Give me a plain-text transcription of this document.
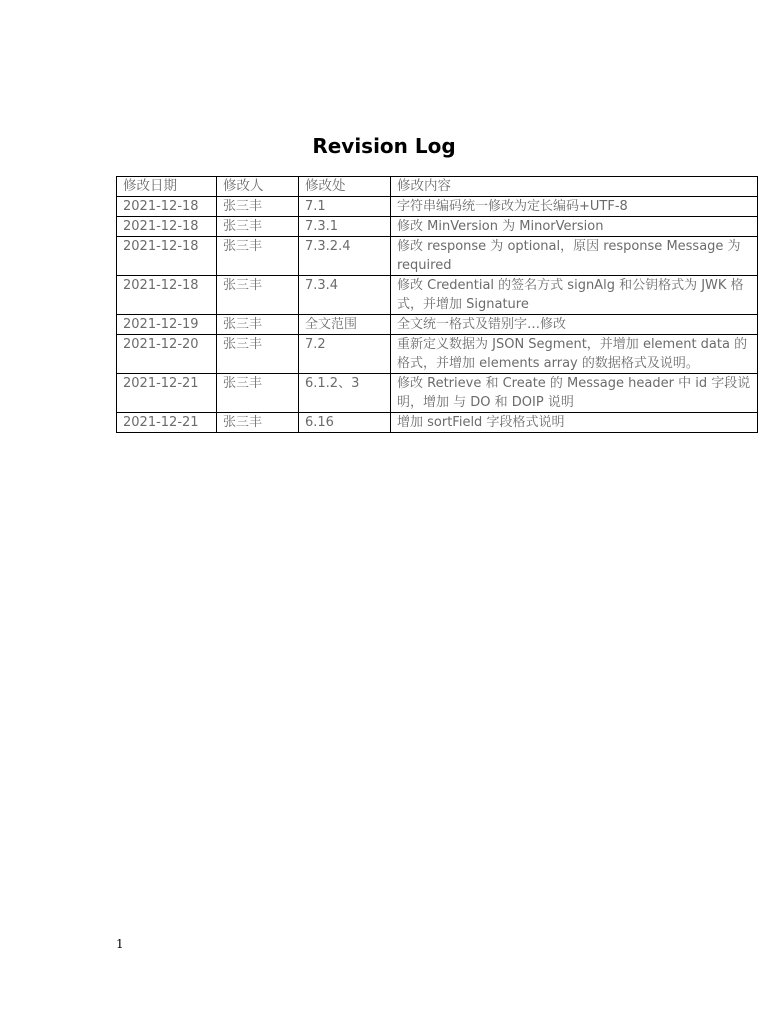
Revision Log
修改日期	修改人	修改处	修改内容
2021-12-18	张三丰	7.1	字符串编码统一修改为定长编码+UTF-8
2021-12-18	张三丰	7.3.1	修改 MinVersion 为 MinorVersion
2021-12-18	张三丰	7.3.2.4	修改 response 为 optional，原因 response Message 为 required
2021-12-18	张三丰	7.3.4	修改 Credential 的签名方式 signAlg 和公钥格式为 JWK 格式，并增加 Signature
2021-12-19	张三丰	全文范围	全文统一格式及错别字…修改
2021-12-20	张三丰	7.2	重新定义数据为 JSON Segment，并增加 element data 的格式，并增加 elements array 的数据格式及说明。
2021-12-21	张三丰	6.1.2、3	修改 Retrieve 和 Create 的 Message header 中 id 字段说明，增加 与 DO 和 DOIP 说明
2021-12-21	张三丰	6.16	增加 sortField 字段格式说明
1
